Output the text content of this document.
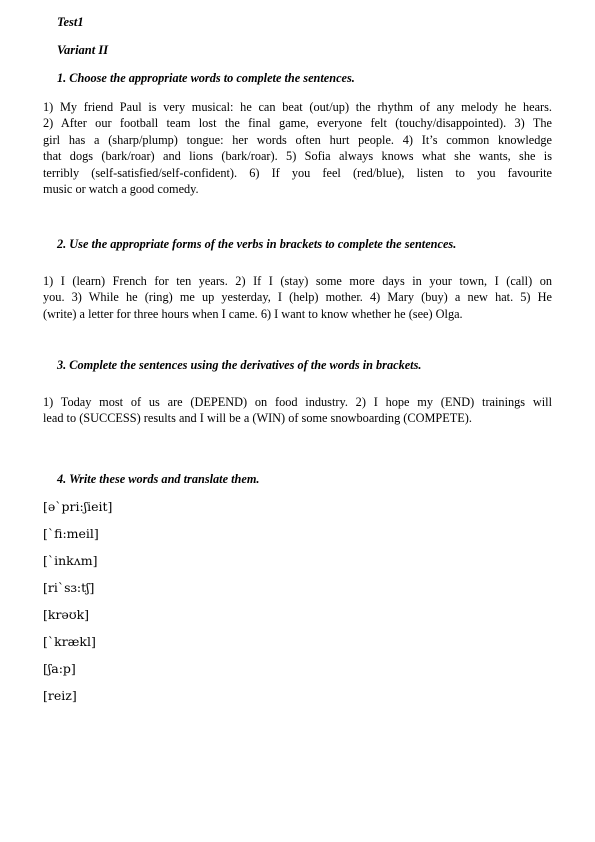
Test1
Variant II
1. Choose the appropriate words to complete the sentences.
1) My friend Paul is very musical: he can beat (out/up) the rhythm of any melody he hears.
2) After our football team lost the final game, everyone felt (touchy/disappointed). 3) The
girl has a (sharp/plump) tongue: her words often hurt people. 4) It’s common knowledge
that dogs (bark/roar) and lions (bark/roar). 5) Sofia always knows what she wants, she is
terribly (self-satisfied/self-confident). 6) If you feel (red/blue), listen to you favourite
music or watch a good comedy.
2. Use the appropriate forms of the verbs in brackets to complete the sentences.
1) I (learn) French for ten years. 2) If I (stay) some more days in your town, I (call) on
you. 3) While he (ring) me up yesterday, I (help) mother. 4) Mary (buy) a new hat. 5) He
(write) a letter for three hours when I came. 6) I want to know whether he (see) Olga.
3. Complete the sentences using the derivatives of the words in brackets.
1) Today most of us are (DEPEND) on food industry. 2) I hope my (END) trainings will
lead to (SUCCESS) results and I will be a (WIN) of some snowboarding (COMPETE).
4. Write these words and translate them.
[ə`pri:ʃieit]
[`fi:meil]
[`inkʌm]
[ri`sɜ:tʃ]
[krəʊk]
[`krækl]
[ʃa:p]
[reiz]
